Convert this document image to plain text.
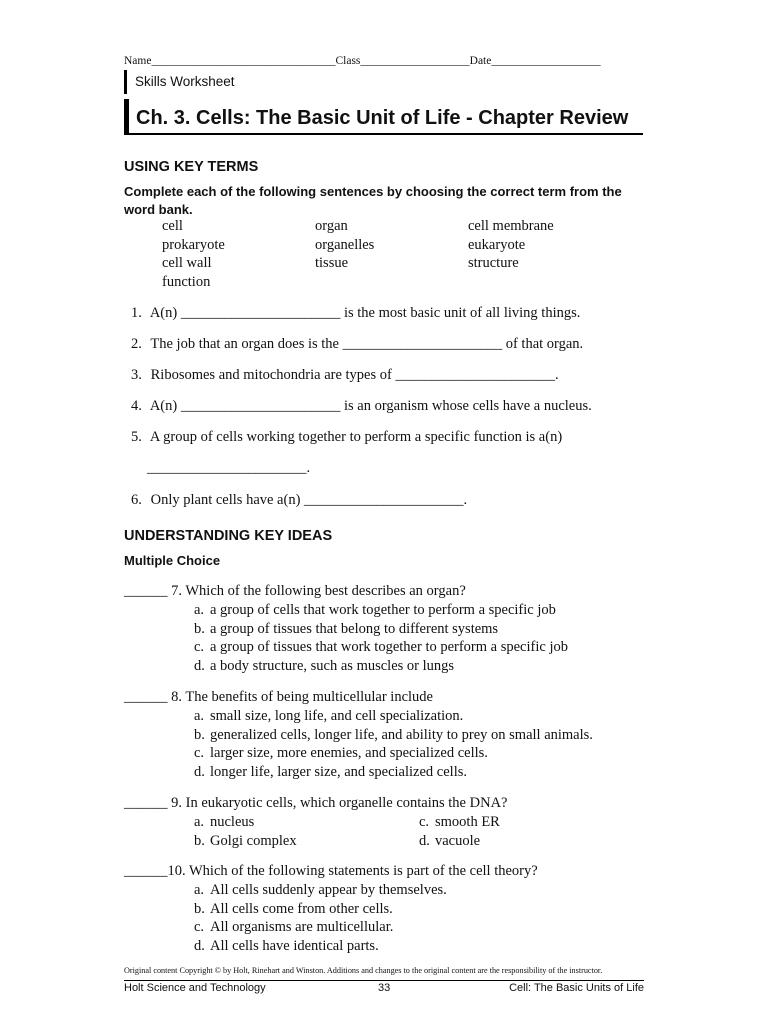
Name________________________________Class___________________Date___________________
Skills Worksheet
Ch. 3. Cells: The Basic Unit of Life - Chapter Review
USING KEY TERMS
Complete each of the following sentences by choosing the correct term from the word bank.
cell	organ	cell membrane
prokaryote	organelles	eukaryote
cell wall	tissue	structure
function
1. A(n) ______________________ is the most basic unit of all living things.
2. The job that an organ does is the ______________________ of that organ.
3. Ribosomes and mitochondria are types of ______________________.
4. A(n) ______________________ is an organism whose cells have a nucleus.
5. A group of cells working together to perform a specific function is a(n)
______________________.
6. Only plant cells have a(n) ______________________.
UNDERSTANDING KEY IDEAS
Multiple Choice
______ 7. Which of the following best describes an organ?
a. a group of cells that work together to perform a specific job
b. a group of tissues that belong to different systems
c. a group of tissues that work together to perform a specific job
d. a body structure, such as muscles or lungs
______ 8. The benefits of being multicellular include
a. small size, long life, and cell specialization.
b. generalized cells, longer life, and ability to prey on small animals.
c. larger size, more enemies, and specialized cells.
d. longer life, larger size, and specialized cells.
______ 9. In eukaryotic cells, which organelle contains the DNA?
a. nucleus	c. smooth ER
b. Golgi complex	d. vacuole
______10. Which of the following statements is part of the cell theory?
a. All cells suddenly appear by themselves.
b. All cells come from other cells.
c. All organisms are multicellular.
d. All cells have identical parts.
Original content Copyright © by Holt, Rinehart and Winston. Additions and changes to the original content are the responsibility of the instructor.
Holt Science and Technology	33	Cell: The Basic Units of Life
